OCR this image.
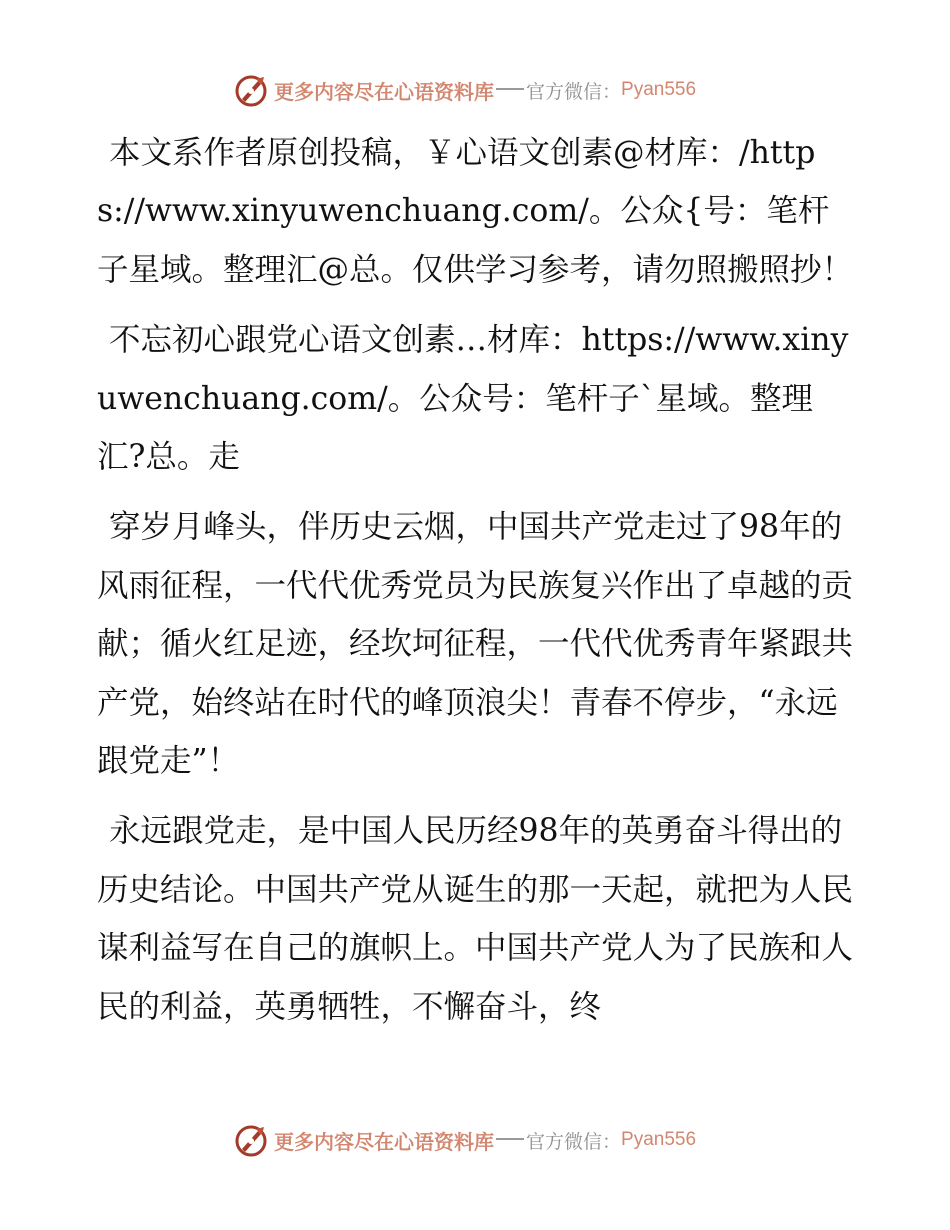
更多内容尽在心语资料库 官方微信： Pyan556

本文系作者原创投稿，￥心语文创素@材库：/https://www.xinyuwenchuang.com/。公众{号：笔杆子星域。整理汇@总。仅供学习参考，请勿照搬照抄！

不忘初心跟党心语文创素…材库：https://www.xinyuwenchuang.com/。公众号：笔杆子`星域。整理汇?总。走

穿岁月峰头，伴历史云烟，中国共产党走过了98年的风雨征程，一代代优秀党员为民族复兴作出了卓越的贡献；循火红足迹，经坎坷征程，一代代优秀青年紧跟共产党，始终站在时代的峰顶浪尖！青春不停步，“永远跟党走”！

永远跟党走，是中国人民历经98年的英勇奋斗得出的历史结论。中国共产党从诞生的那一天起，就把为人民谋利益写在自己的旗帜上。中国共产党人为了民族和人民的利益，英勇牺牲，不懈奋斗，终

更多内容尽在心语资料库 官方微信： Pyan556
